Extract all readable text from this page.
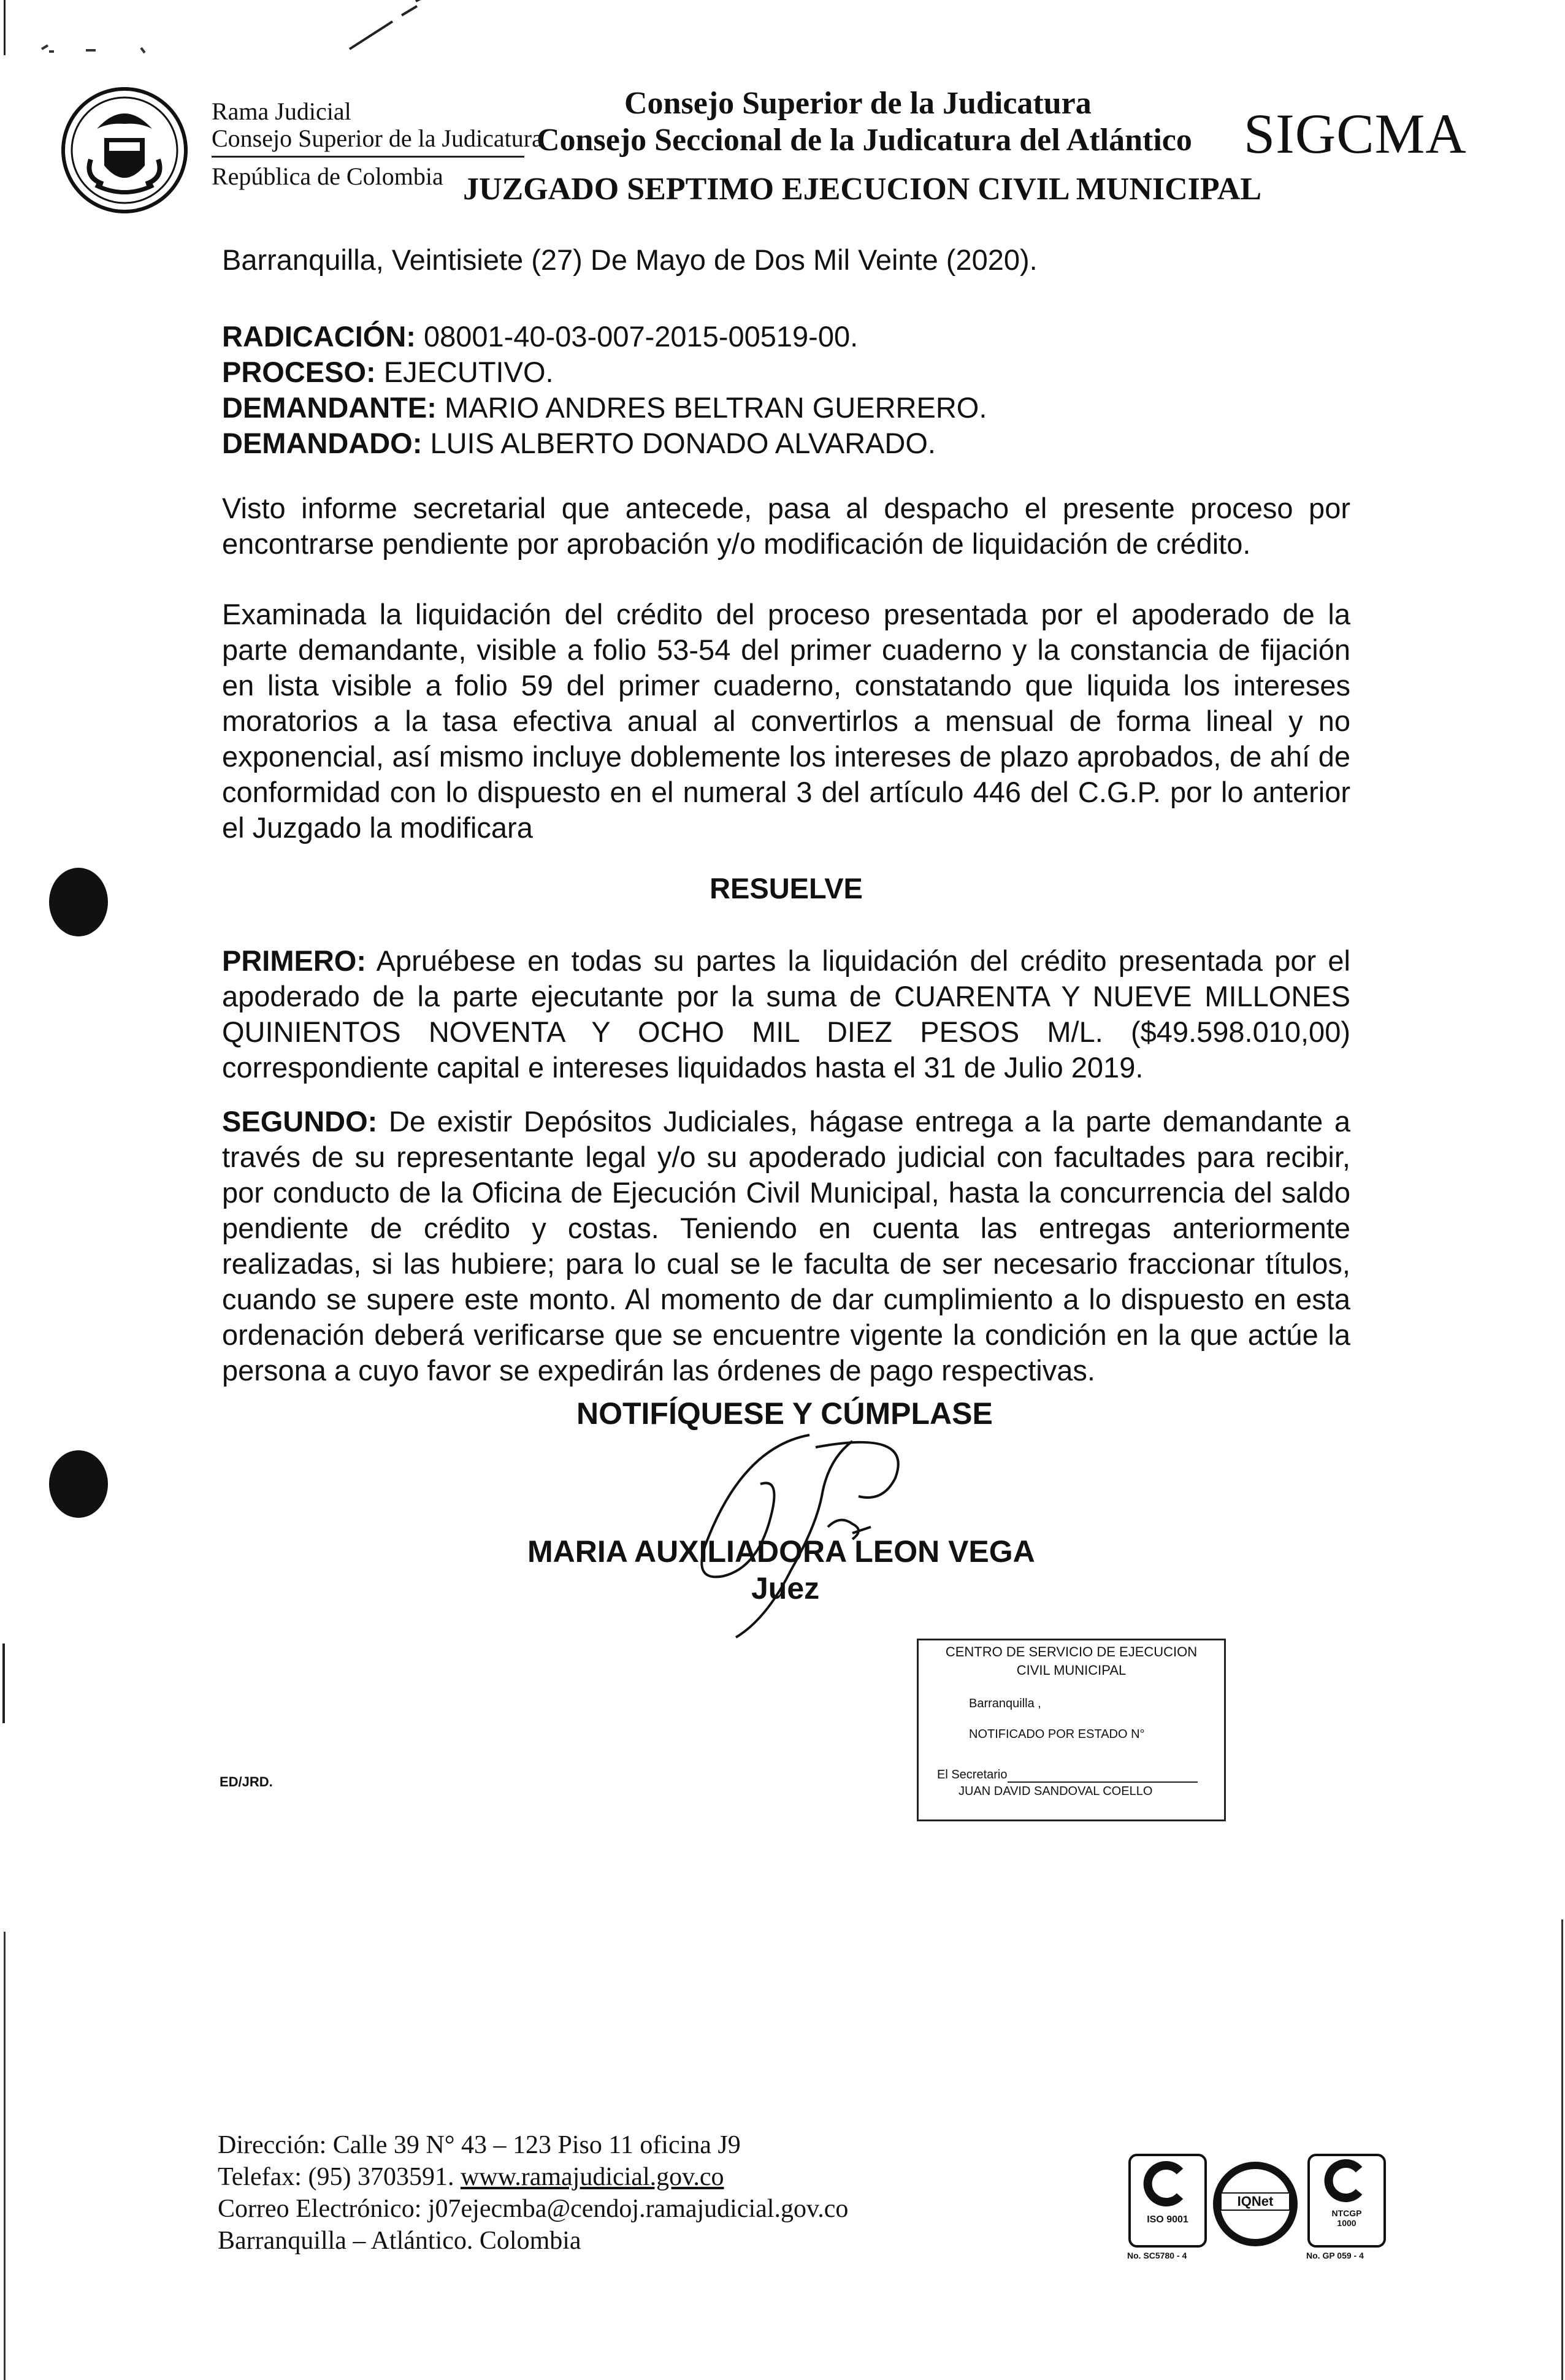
Rama Judicial
Consejo Superior de la Judicatura
República de Colombia
Consejo Superior de la Judicatura
Consejo Seccional de la Judicatura del Atlántico
JUZGADO SEPTIMO EJECUCION CIVIL MUNICIPAL
SIGCMA
Barranquilla, Veintisiete (27) De Mayo de Dos Mil Veinte (2020).
RADICACIÓN: 08001-40-03-007-2015-00519-00.
PROCESO: EJECUTIVO.
DEMANDANTE: MARIO ANDRES BELTRAN GUERRERO.
DEMANDADO: LUIS ALBERTO DONADO ALVARADO.
Visto informe secretarial que antecede, pasa al despacho el presente proceso por encontrarse pendiente por aprobación y/o modificación de liquidación de crédito.
Examinada la liquidación del crédito del proceso presentada por el apoderado de la parte demandante, visible a folio 53-54 del primer cuaderno y la constancia de fijación en lista visible a folio 59 del primer cuaderno, constatando que liquida los intereses moratorios a la tasa efectiva anual al convertirlos a mensual de forma lineal y no exponencial, así mismo incluye doblemente los intereses de plazo aprobados, de ahí de conformidad con lo dispuesto en el numeral 3 del artículo 446 del C.G.P. por lo anterior el Juzgado la modificara
RESUELVE
PRIMERO: Apruébese en todas su partes la liquidación del crédito presentada por el apoderado de la parte ejecutante por la suma de CUARENTA Y NUEVE MILLONES QUINIENTOS NOVENTA Y OCHO MIL DIEZ PESOS M/L. ($49.598.010,00) correspondiente capital e intereses liquidados hasta el 31 de Julio 2019.
SEGUNDO: De existir Depósitos Judiciales, hágase entrega a la parte demandante a través de su representante legal y/o su apoderado judicial con facultades para recibir, por conducto de la Oficina de Ejecución Civil Municipal, hasta la concurrencia del saldo pendiente de crédito y costas. Teniendo en cuenta las entregas anteriormente realizadas, si las hubiere; para lo cual se le faculta de ser necesario fraccionar títulos, cuando se supere este monto. Al momento de dar cumplimiento a lo dispuesto en esta ordenación deberá verificarse que se encuentre vigente la condición en la que actúe la persona a cuyo favor se expedirán las órdenes de pago respectivas.
NOTIFÍQUESE Y CÚMPLASE
MARIA AUXILIADORA LEON VEGA
Juez
ED/JRD.
CENTRO DE SERVICIO DE EJECUCION
CIVIL MUNICIPAL
Barranquilla ,
NOTIFICADO POR ESTADO N°
El Secretario
JUAN DAVID SANDOVAL COELLO
Dirección: Calle 39 N° 43 – 123 Piso 11 oficina J9
Telefax: (95) 3703591. www.ramajudicial.gov.co
Correo Electrónico: j07ejecmba@cendoj.ramajudicial.gov.co
Barranquilla – Atlántico. Colombia
ISO 9001
IQNet
NTCGP
1000
No. SC5780 - 4	No. GP 059 - 4
